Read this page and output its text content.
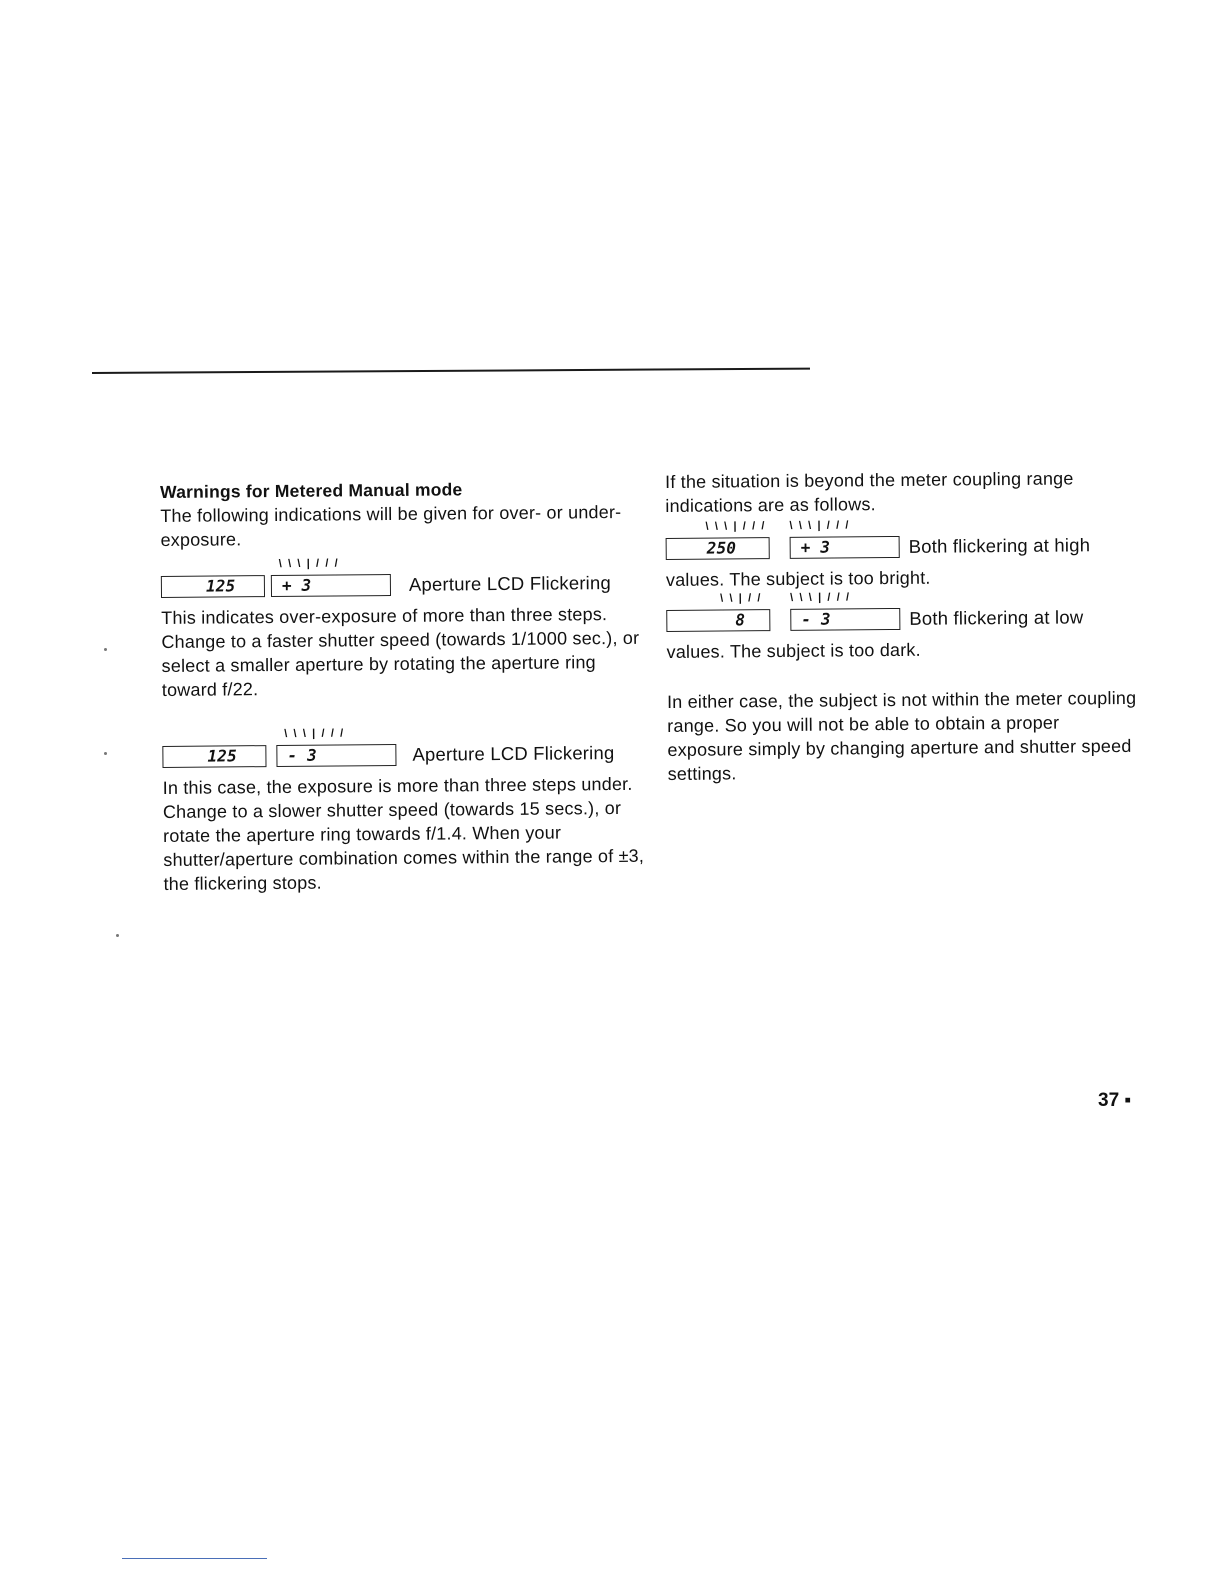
Warnings for Metered Manual mode

The following indications will be given for over- or under-exposure.

\ \ \ | / / /
125	+ 3	Aperture LCD Flickering

This indicates over-exposure of more than three steps. Change to a faster shutter speed (towards 1/1000 sec.), or select a smaller aperture by rotating the aperture ring toward f/22.

\ \ \ | / / /
125	- 3	Aperture LCD Flickering

In this case, the exposure is more than three steps under. Change to a slower shutter speed (towards 15 secs.), or rotate the aperture ring towards f/1.4. When your shutter/aperture combination comes within the range of ±3, the flickering stops.

If the situation is beyond the meter coupling range indications are as follows.

\ \ \ | / / / \ \ \ | / / /
250	+ 3	Both flickering at high

values. The subject is too bright.

\ \ | / /	\ \ \ | / / /
8	- 3	Both flickering at low

values. The subject is too dark.

In either case, the subject is not within the meter coupling range. So you will not be able to obtain a proper exposure simply by changing aperture and shutter speed settings.

37 ▪
